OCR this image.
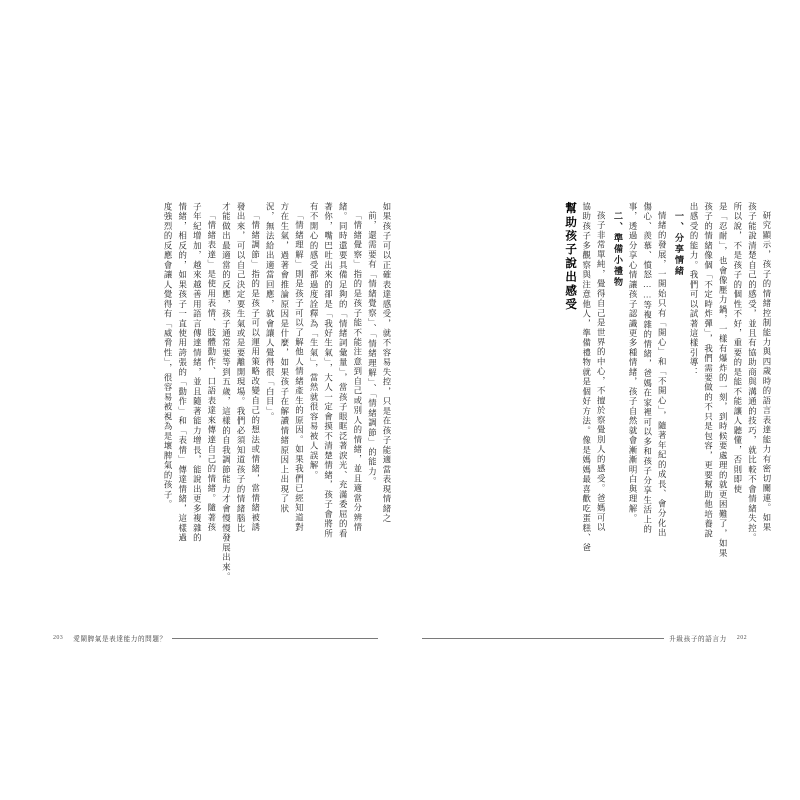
如果孩子可以正確表達感受，就不容易失控，只是在孩子能適當表現情緒之
前，還需要有「情緒覺察」、「情緒理解」、「情緒調節」的能力。
「情緒覺察」指的是孩子能不能注意到自己或別人的情緒，並且適當分辨情
緒。同時還要具備足夠的「情緒詞彙量」，當孩子眼眶泛著淚光、充滿委屈的看
著你，嘴巴吐出來的卻是「我好生氣」，大人一定會摸不清楚情緒，孩子會將所
有不開心的感受都過度詮釋為「生氣」，當然就很容易被人誤解。
「情緒理解」則是孩子可以了解他人情緒產生的原因。如果我們已經知道對
方在生氣，過著會推論原因是什麼，如果孩子在解讀情緒原因上出現了狀
況，無法給出適當回應，就會讓人覺得很「白目」。
「情緒調節」指的是孩子可以運用策略改變自己的想法或情緒，當情緒被誘
發出來，可以自己決定要生氣或是要離開現場。我們必須知道孩子的情緒腦比
才能做出最適當的反應，孩子通常要等到五歲，這樣的自我調節能力才會慢慢發展出來。
「情緒表達」是使用表情、肢體動作、口語表達來傳達自己的情緒。隨著孩
子年紀增加，越來越善用語言傳達情緒，並且隨著能力增長，能說出更多複雜的
情緒，相反的，如果孩子一直使用誇張的「動作」和「表情」傳達情緒，這樣過
度強烈的反應會讓人覺得有「威脅性」，很容易被視為是壞脾氣的孩子。
203	愛鬧脾氣是表達能力的問題？
研究顯示，孩子的情緒控制能力與四歲時的語言表達能力有密切關連。如果
孩子能說清楚自己的感受，並且有協助商與溝通的技巧，就比較不會情緒失控。
所以說，不是孩子的個性不好，重要的是能不能讓人聽懂，否則即使
是「忍耐」，也會像壓力鍋，一樣有爆炸的一刻，到時候要處理的就更困難了，如果
孩子的情緒像個「不定時炸彈」，我們需要做的不只是包容，更要幫助他培養說
出感受的能力。我們可以試著這樣引導：
一、分享情緒
情緒的發展，一開始只有「開心」和「不開心」，隨著年紀的成長、會分化出
傷心、羨慕、憤怒……等複雜的情緒，爸媽在家裡可以多和孩子分享生活上的
事，透過分享心情讓孩子認識更多種情緒，孩子自然就會漸漸明白與理解。
二、準備小禮物
孩子非常單純，覺得自己是世界的中心，不擅於察覺別人的感受。爸媽可以
協助孩子多觀察與注意他人，準備禮物就是個好方法。像是媽媽最喜歡吃蛋糕、爸
幫助孩子說出感受
升級孩子的語言力	202
